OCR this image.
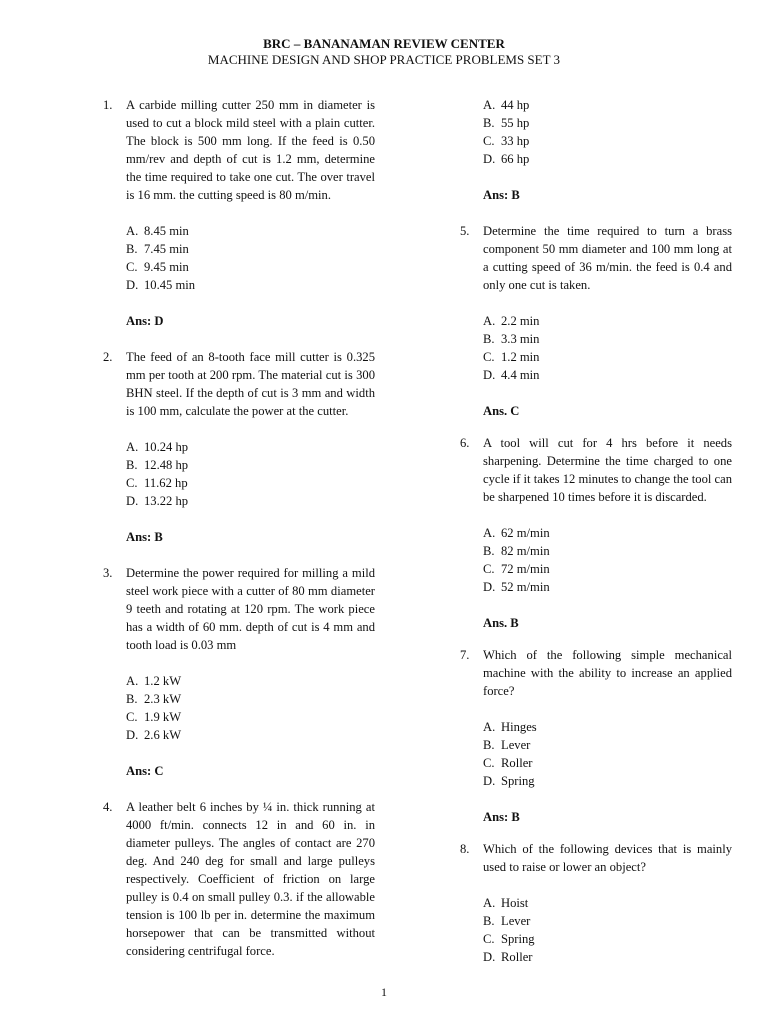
BRC – BANANAMAN REVIEW CENTER
MACHINE DESIGN AND SHOP PRACTICE PROBLEMS SET 3
1. A carbide milling cutter 250 mm in diameter is used to cut a block mild steel with a plain cutter. The block is 500 mm long. If the feed is 0.50 mm/rev and depth of cut is 1.2 mm, determine the time required to take one cut. The over travel is 16 mm. the cutting speed is 80 m/min.
A. 8.45 min
B. 7.45 min
C. 9.45 min
D. 10.45 min
Ans: D
2. The feed of an 8-tooth face mill cutter is 0.325 mm per tooth at 200 rpm. The material cut is 300 BHN steel. If the depth of cut is 3 mm and width is 100 mm, calculate the power at the cutter.
A. 10.24 hp
B. 12.48 hp
C. 11.62 hp
D. 13.22 hp
Ans: B
3. Determine the power required for milling a mild steel work piece with a cutter of 80 mm diameter 9 teeth and rotating at 120 rpm. The work piece has a width of 60 mm. depth of cut is 4 mm and tooth load is 0.03 mm
A. 1.2 kW
B. 2.3 kW
C. 1.9 kW
D. 2.6 kW
Ans: C
4. A leather belt 6 inches by ¼ in. thick running at 4000 ft/min. connects 12 in and 60 in. in diameter pulleys. The angles of contact are 270 deg. And 240 deg for small and large pulleys respectively. Coefficient of friction on large pulley is 0.4 on small pulley 0.3. if the allowable tension is 100 lb per in. determine the maximum horsepower that can be transmitted without considering centrifugal force.
A. 44 hp
B. 55 hp
C. 33 hp
D. 66 hp
Ans: B
5. Determine the time required to turn a brass component 50 mm diameter and 100 mm long at a cutting speed of 36 m/min. the feed is 0.4 and only one cut is taken.
A. 2.2 min
B. 3.3 min
C. 1.2 min
D. 4.4 min
Ans. C
6. A tool will cut for 4 hrs before it needs sharpening. Determine the time charged to one cycle if it takes 12 minutes to change the tool can be sharpened 10 times before it is discarded.
A. 62 m/min
B. 82 m/min
C. 72 m/min
D. 52 m/min
Ans. B
7. Which of the following simple mechanical machine with the ability to increase an applied force?
A. Hinges
B. Lever
C. Roller
D. Spring
Ans: B
8. Which of the following devices that is mainly used to raise or lower an object?
A. Hoist
B. Lever
C. Spring
D. Roller
1
